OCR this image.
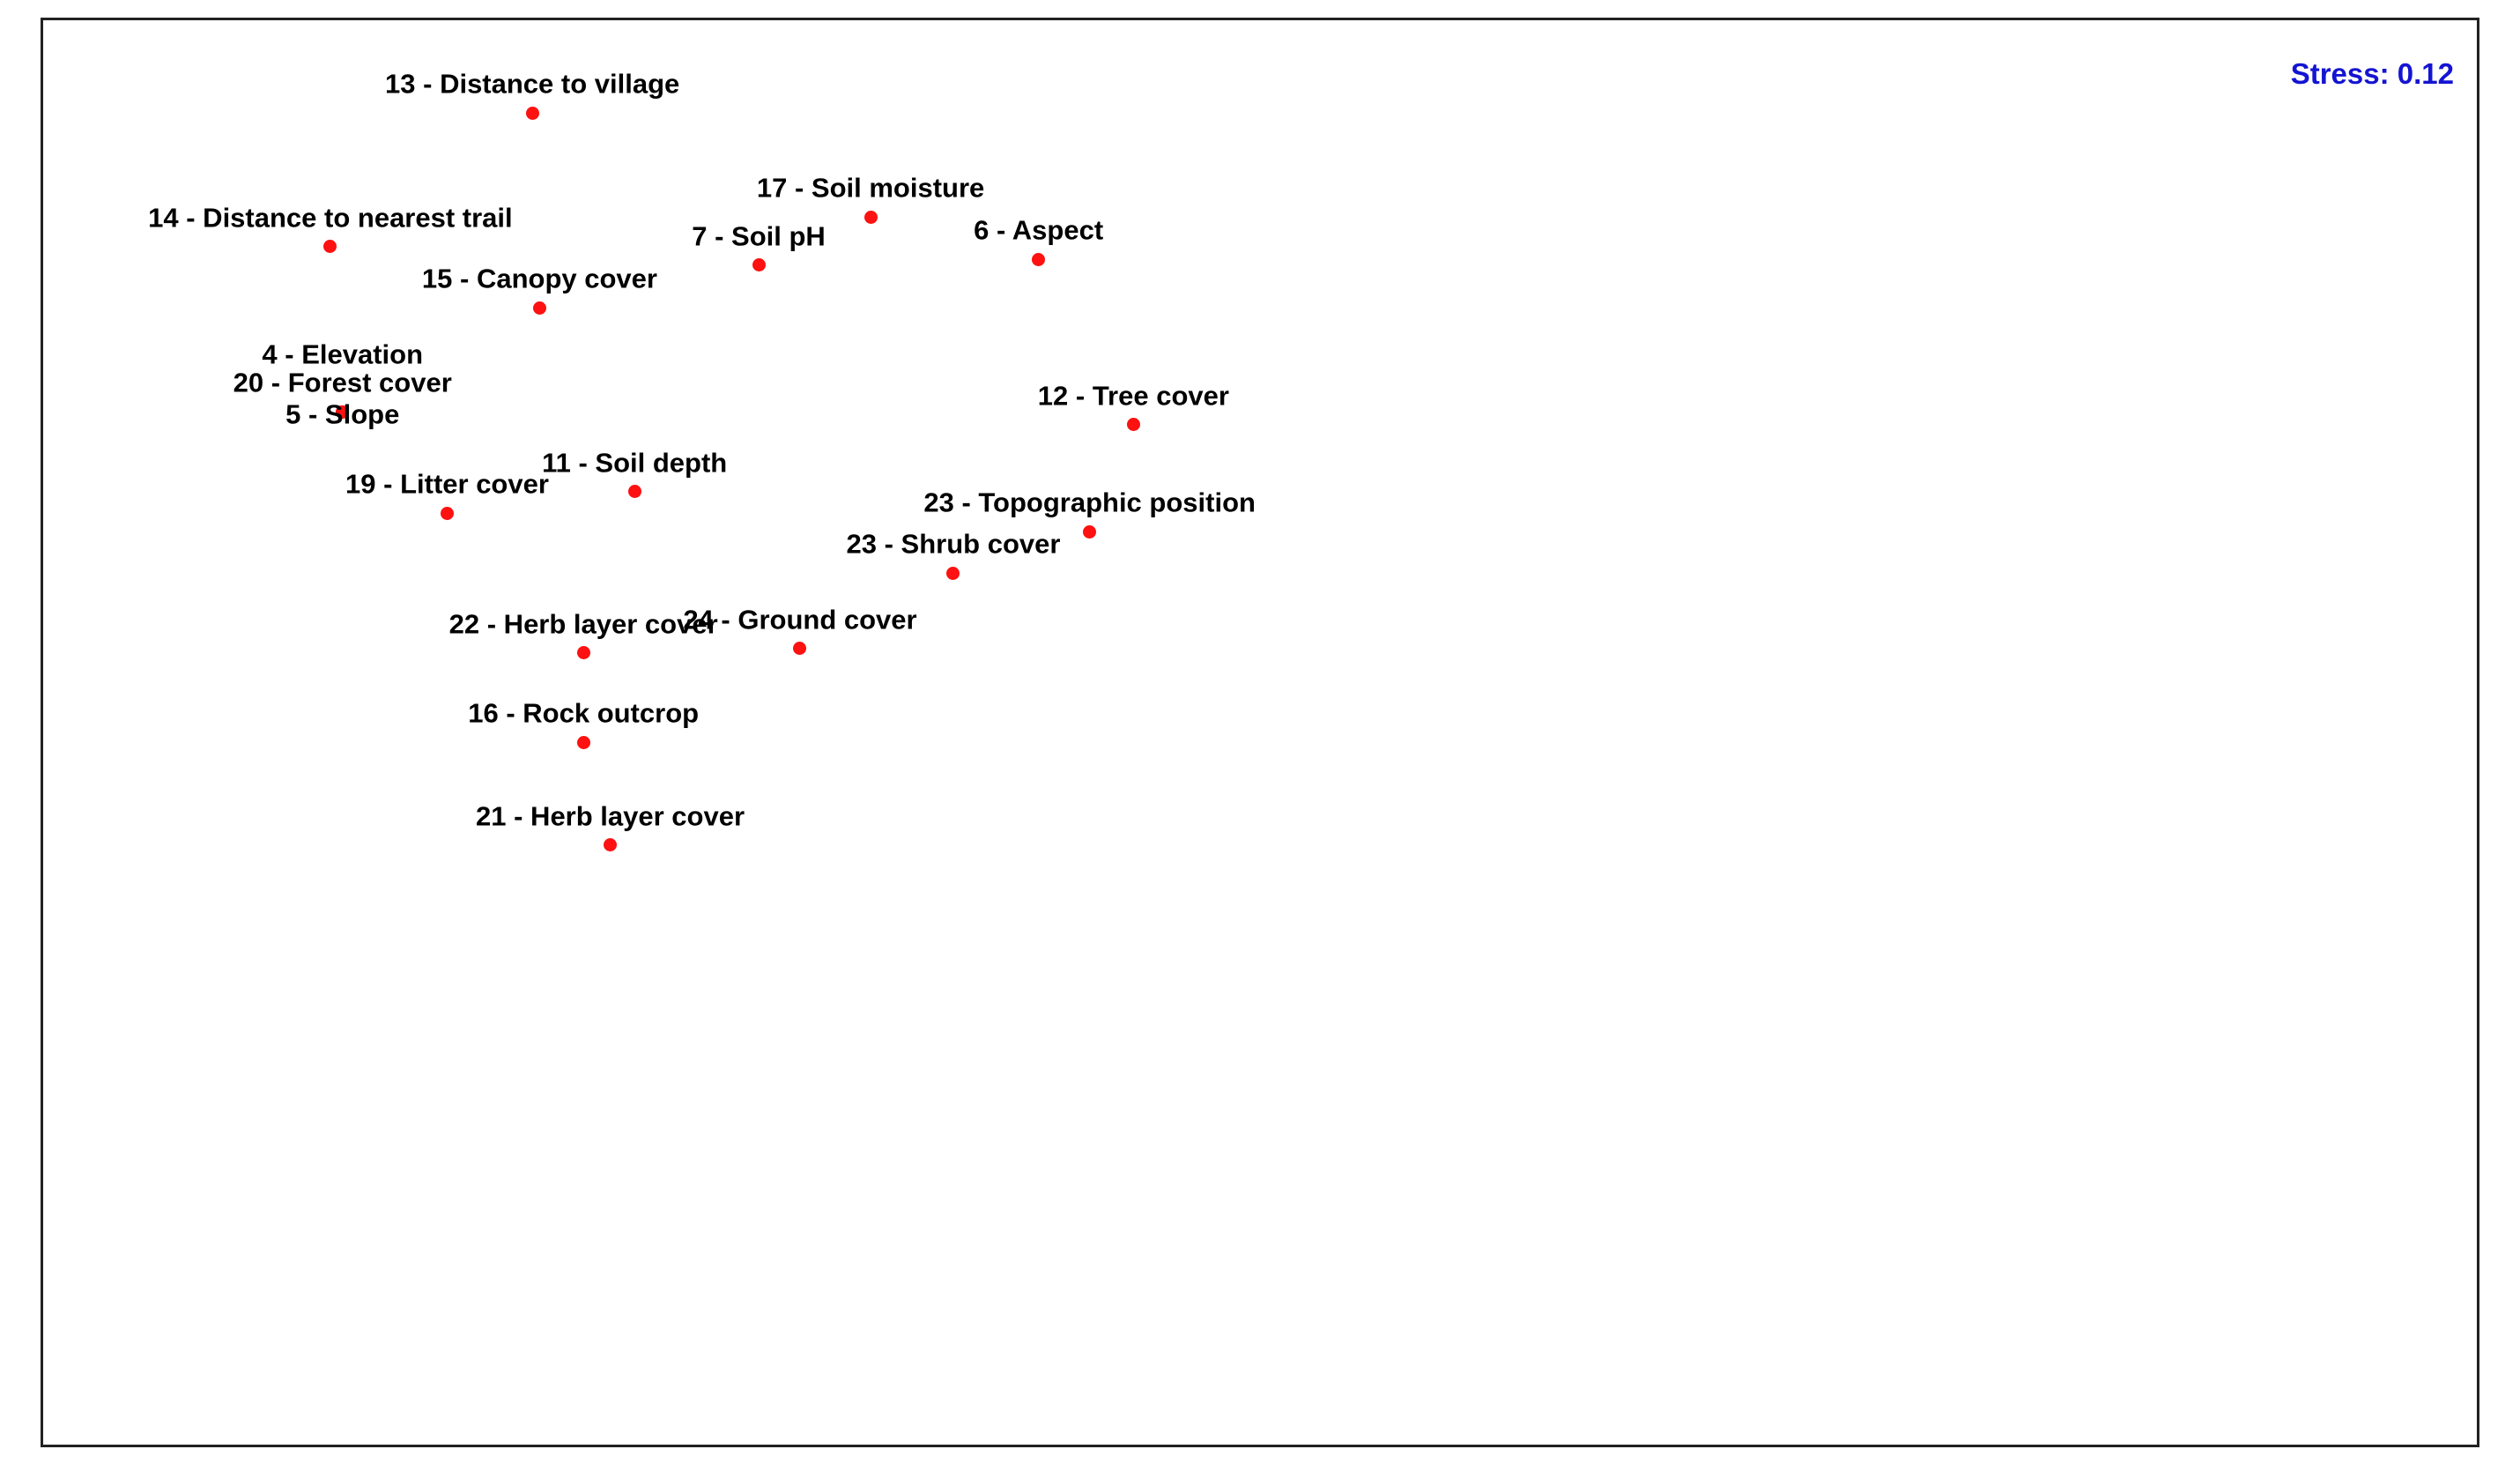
13 - Distance to village
17 - Soil moisture
14 - Distance to nearest trail
7 - Soil pH	6 - Aspect
15 - Canopy cover
4 - Elevation
20 - Forest cover
5 - Slope
12 - Tree cover
11 - Soil depth
19 - Litter cover
23 - Topographic position
23 - Shrub cover
22 - Herb layer cover
24 - Ground cover
16 - Rock outcrop
21 - Herb layer cover
Stress: 0.12
